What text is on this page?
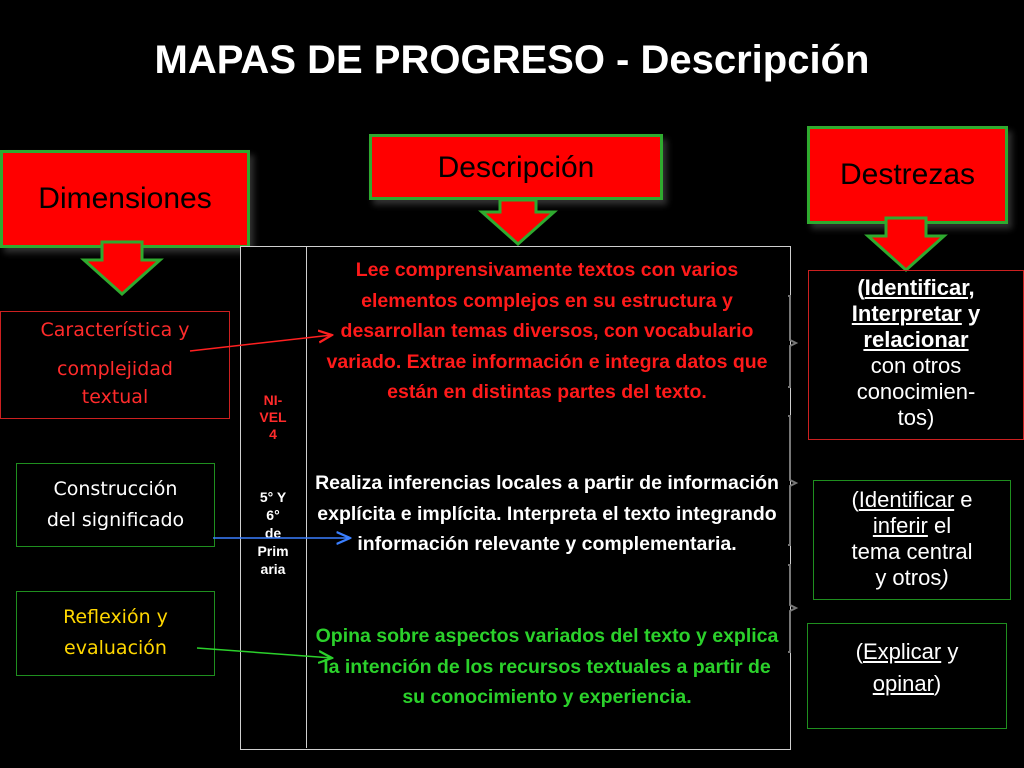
MAPAS DE PROGRESO - Descripción
Dimensiones
Descripción	Destrezas
NI-
VEL
4
5° Y
6°
de
Prim
aria
Lee comprensivamente textos con varios elementos complejos en su estructura y desarrollan temas diversos, con vocabulario variado. Extrae información e integra datos que están en distintas partes del texto.
Realiza inferencias locales a partir de información explícita e implícita. Interpreta el texto integrando información relevante y complementaria.
Opina sobre aspectos variados del texto y explica la intención de los recursos textuales a partir de su conocimiento y experiencia.
Característica y
complejidad
textual
Construcción
del significado
Reflexión y
evaluación
(Identificar,
Interpretar y
relacionar
con otros
conocimien-
tos)
(Identificar e
inferir el
tema central
y otros)
(Explicar y
opinar)
